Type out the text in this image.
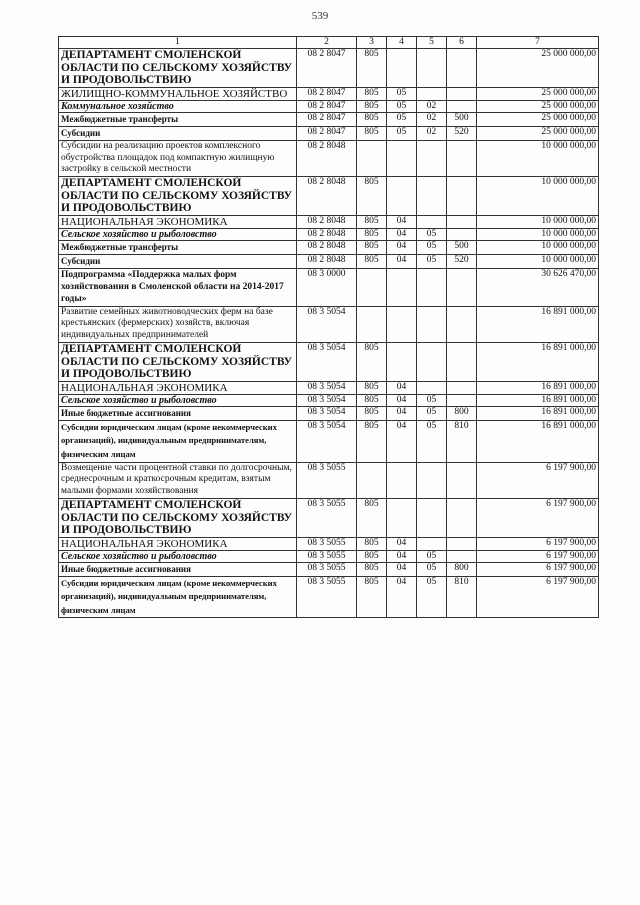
539
1	2	3	4	5	6	7
ДЕПАРТАМЕНТ СМОЛЕНСКОЙ ОБЛАСТИ ПО СЕЛЬСКОМУ ХОЗЯЙСТВУ И ПРОДОВОЛЬСТВИЮ	08 2 8047	805				25 000 000,00
ЖИЛИЩНО-КОММУНАЛЬНОЕ ХОЗЯЙСТВО	08 2 8047	805	05			25 000 000,00
Коммунальное хозяйство	08 2 8047	805	05	02		25 000 000,00
Межбюджетные трансферты	08 2 8047	805	05	02	500	25 000 000,00
Субсидии	08 2 8047	805	05	02	520	25 000 000,00
Субсидии на реализацию проектов комплексного обустройства площадок под компактную жилищную застройку в сельской местности	08 2 8048					10 000 000,00
ДЕПАРТАМЕНТ СМОЛЕНСКОЙ ОБЛАСТИ ПО СЕЛЬСКОМУ ХОЗЯЙСТВУ И ПРОДОВОЛЬСТВИЮ	08 2 8048	805				10 000 000,00
НАЦИОНАЛЬНАЯ ЭКОНОМИКА	08 2 8048	805	04			10 000 000,00
Сельское хозяйство и рыболовство	08 2 8048	805	04	05		10 000 000,00
Межбюджетные трансферты	08 2 8048	805	04	05	500	10 000 000,00
Субсидии	08 2 8048	805	04	05	520	10 000 000,00
Подпрограмма «Поддержка малых форм хозяйствования в Смоленской области на 2014-2017 годы»	08 3 0000					30 626 470,00
Развитие семейных животноводческих ферм на базе крестьянских (фермерских) хозяйств, включая индивидуальных предпринимателей	08 3 5054					16 891 000,00
ДЕПАРТАМЕНТ СМОЛЕНСКОЙ ОБЛАСТИ ПО СЕЛЬСКОМУ ХОЗЯЙСТВУ И ПРОДОВОЛЬСТВИЮ	08 3 5054	805				16 891 000,00
НАЦИОНАЛЬНАЯ ЭКОНОМИКА	08 3 5054	805	04			16 891 000,00
Сельское хозяйство и рыболовство	08 3 5054	805	04	05		16 891 000,00
Иные бюджетные ассигнования	08 3 5054	805	04	05	800	16 891 000,00
Субсидии юридическим лицам (кроме некоммерческих организаций), индивидуальным предпринимателям, физическим лицам	08 3 5054	805	04	05	810	16 891 000,00
Возмещение части процентной ставки по долгосрочным, среднесрочным и краткосрочным кредитам, взятым малыми формами хозяйствования	08 3 5055					6 197 900,00
ДЕПАРТАМЕНТ СМОЛЕНСКОЙ ОБЛАСТИ ПО СЕЛЬСКОМУ ХОЗЯЙСТВУ И ПРОДОВОЛЬСТВИЮ	08 3 5055	805				6 197 900,00
НАЦИОНАЛЬНАЯ ЭКОНОМИКА	08 3 5055	805	04			6 197 900,00
Сельское хозяйство и рыболовство	08 3 5055	805	04	05		6 197 900,00
Иные бюджетные ассигнования	08 3 5055	805	04	05	800	6 197 900,00
Субсидии юридическим лицам (кроме некоммерческих организаций), индивидуальным предпринимателям, физическим лицам	08 3 5055	805	04	05	810	6 197 900,00
